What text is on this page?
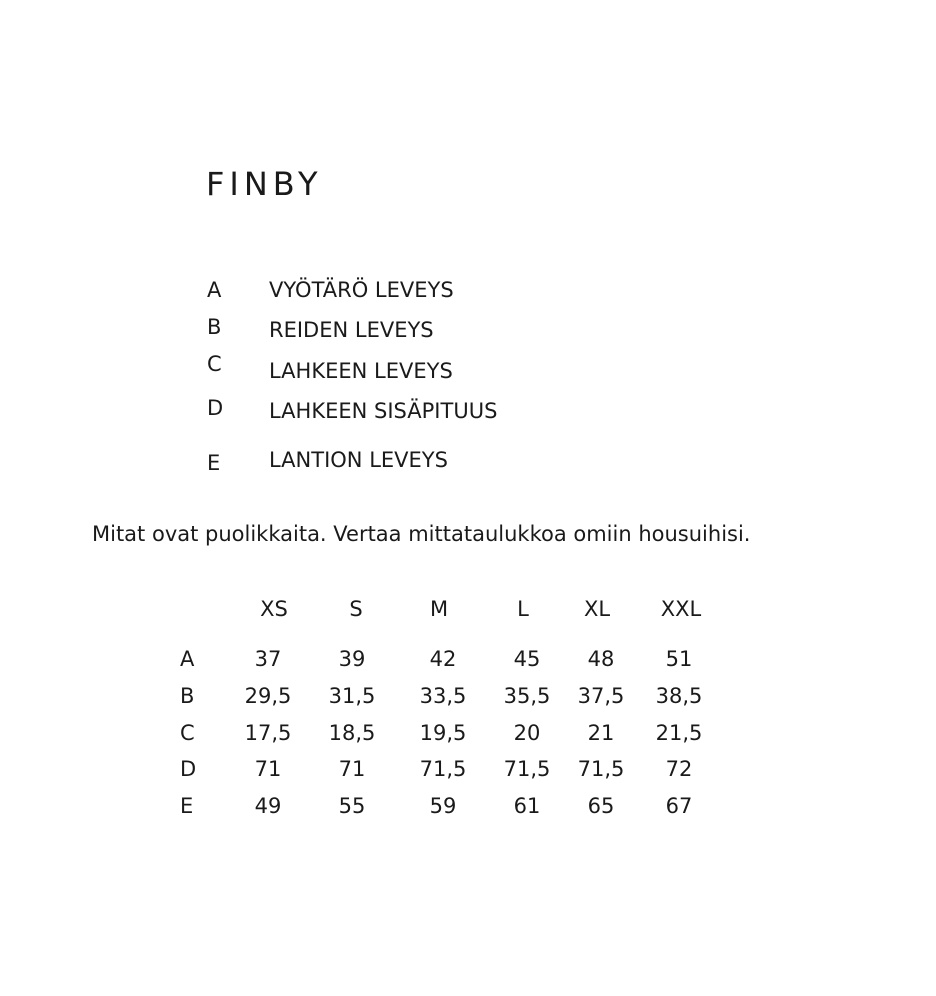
FINBY
A VYÖTÄRÖ LEVEYS
B REIDEN LEVEYS
C LAHKEEN LEVEYS
D LAHKEEN SISÄPITUUS
E LANTION LEVEYS

Mitat ovat puolikkaita. Vertaa mittataulukkoa omiin housuihisi.

XS	S	M	L	XL XXL
A	37	39	42	45 48 51
B 29,5 31,5 33,5 35,5 37,5 38,5
C 17,5 18,5 19,5 20 21 21,5
D	71	71	71,5 71,5 71,5 72
E	49	55	59	61 65 67
